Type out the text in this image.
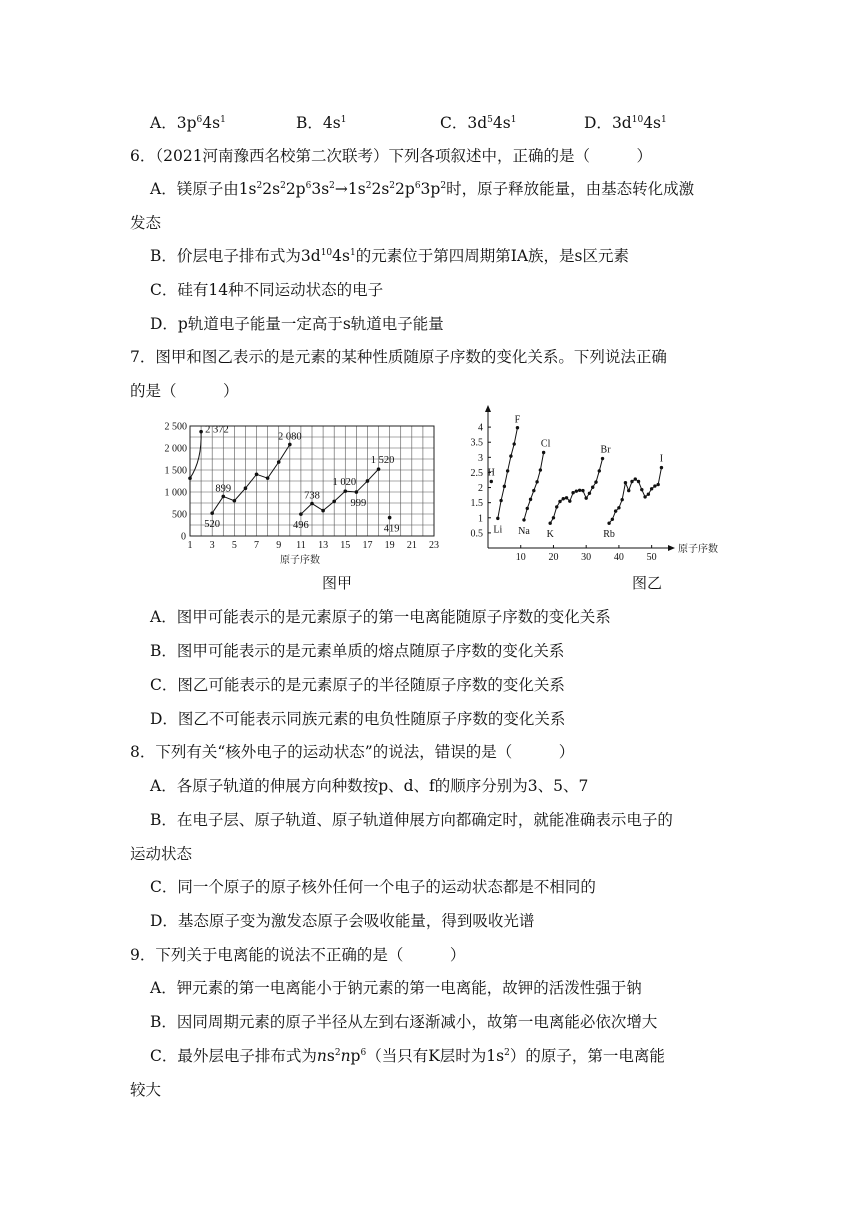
A．$3p^64s^1$	B．$4s^1$	C．$3d^54s^1$	D．$3d^{10}4s^1$
6．（2021河南豫西名校第二次联考）下列各项叙述中，正确的是（　　　）
A．镁原子由$1s^22s^22p^63s^2\to 1s^22s^22p^63p^2$时，原子释放能量，由基态转化成激
发态
B．价层电子排布式为$3d^{10}4s^1$的元素位于第四周期第ⅠA族，是s区元素
C．硅有14种不同运动状态的电子
D．p轨道电子能量一定高于s轨道电子能量
7．图甲和图乙表示的是元素的某种性质随原子序数的变化关系。下列说法正确
的是（　　　）
1 3 5 7 9 11 13 15 17 19 21 23
500
1 000
1 500
2 000
2 500
0
原子序数
2 372
520
899
2 080
496
738
1 020
999
1 520
419
图甲
10 20 30 40 50
0.5
1
1.5
2
2.5
3
3.5
4
原子序数
H
Li
F
Na
Cl
K
Br
Rb
I
图乙
A．图甲可能表示的是元素原子的第一电离能随原子序数的变化关系
B．图甲可能表示的是元素单质的熔点随原子序数的变化关系
C．图乙可能表示的是元素原子的半径随原子序数的变化关系
D．图乙不可能表示同族元素的电负性随原子序数的变化关系
8．下列有关“核外电子的运动状态”的说法，错误的是（　　　）
A．各原子轨道的伸展方向种数按p、d、f的顺序分别为3、5、7
B．在电子层、原子轨道、原子轨道伸展方向都确定时，就能准确表示电子的
运动状态
C．同一个原子的原子核外任何一个电子的运动状态都是不相同的
D．基态原子变为激发态原子会吸收能量，得到吸收光谱
9．下列关于电离能的说法不正确的是（　　　）
A．钾元素的第一电离能小于钠元素的第一电离能，故钾的活泼性强于钠
B．因同周期元素的原子半径从左到右逐渐减小，故第一电离能必依次增大
C．最外层电子排布式为$ns^2np^6$（当只有K层时为$1s^2$）的原子，第一电离能
较大
